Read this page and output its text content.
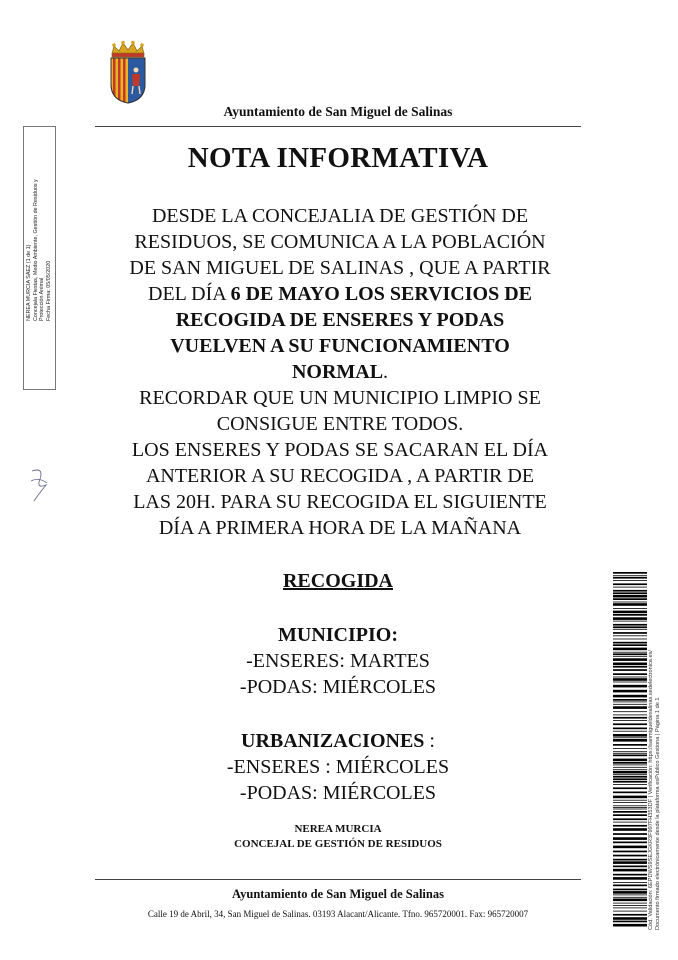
Ayuntamiento de San Miguel de Salinas
NOTA INFORMATIVA
DESDE LA CONCEJALIA DE GESTIÓN DE
RESIDUOS, SE COMUNICA A LA POBLACIÓN
DE SAN MIGUEL DE SALINAS , QUE A PARTIR
DEL DÍA 6 DE MAYO LOS SERVICIOS DE
RECOGIDA DE ENSERES Y PODAS
VUELVEN A SU FUNCIONAMIENTO
NORMAL.
RECORDAR QUE UN MUNICIPIO LIMPIO SE
CONSIGUE ENTRE TODOS.
LOS ENSERES Y PODAS SE SACARAN EL DÍA
ANTERIOR A SU RECOGIDA , A PARTIR DE
LAS 20H. PARA SU RECOGIDA EL SIGUIENTE
DÍA A PRIMERA HORA DE LA MAÑANA
RECOGIDA
MUNICIPIO:
-ENSERES: MARTES
-PODAS: MIÉRCOLES
URBANIZACIONES :
-ENSERES : MIÉRCOLES
-PODAS: MIÉRCOLES
NEREA MURCIA
CONCEJAL DE GESTIÓN DE RESIDUOS
Ayuntamiento de San Miguel de Salinas
Calle 19 de Abril, 34, San Miguel de Salinas. 03193 Alacant/Alicante. Tfno. 965720001. Fax: 965720007
NEREA MURCIA SÁEZ (1 de 1) Concejala Fiestas, Medio Ambiente, Gestión de Residuos y Protección Animal Fecha Firma: 05/05/2020
Cód. Validación: 6EPDWS9SEJGKR3F997FH353DF | Verificación: https://sanmigueldesalinas.sedelectronica.es/ Documento firmado electrónicamente desde la plataforma esPublico Gestiona | Página 1 de 1
